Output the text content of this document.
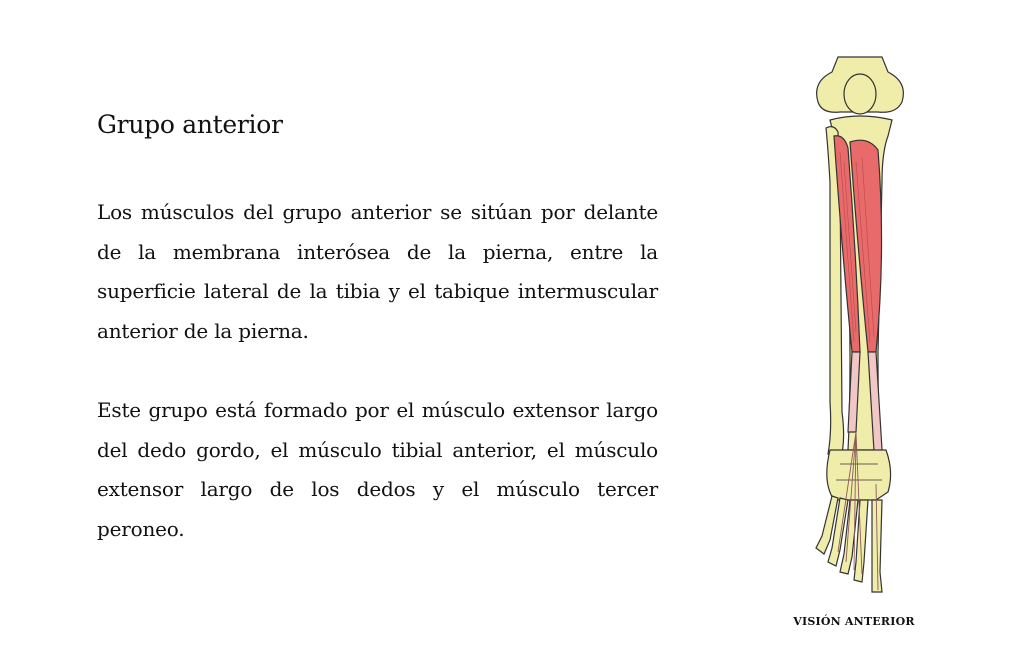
Grupo anterior

Los músculos del grupo anterior se sitúan por delante de la membrana interósea de la pierna, entre la superficie lateral de la tibia y el tabique intermuscular anterior de la pierna.

Este grupo está formado por el músculo extensor largo del dedo gordo, el músculo tibial anterior, el músculo extensor largo de los dedos y el músculo tercer peroneo.

VISIÓN ANTERIOR
